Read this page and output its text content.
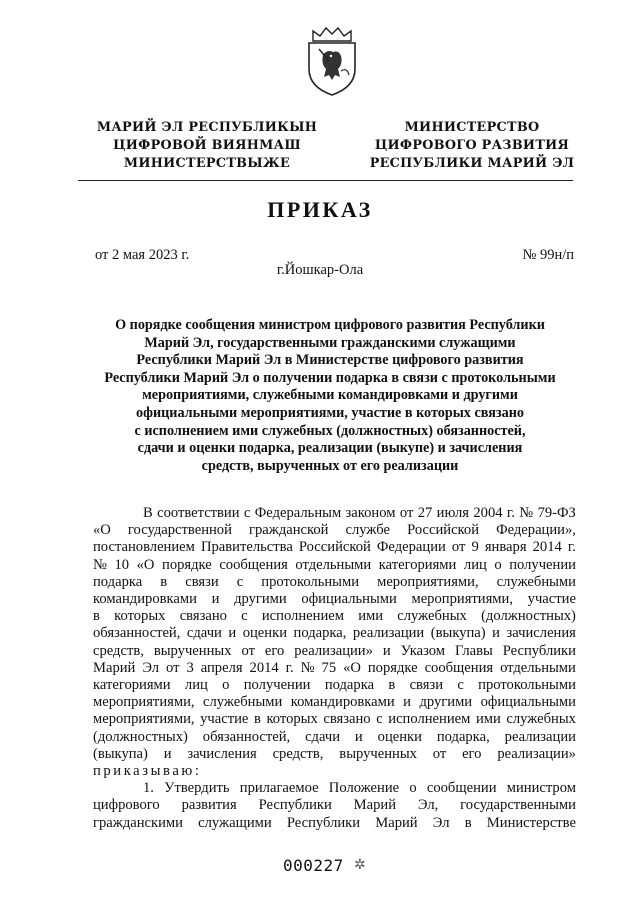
МАРИЙ ЭЛ РЕСПУБЛИКЫН
ЦИФРОВОЙ ВИЯНМАШ
МИНИСТЕРСТВЫЖЕ
МИНИСТЕРСТВО
ЦИФРОВОГО РАЗВИТИЯ
РЕСПУБЛИКИ МАРИЙ ЭЛ
ПРИКАЗ
от 2 мая 2023 г.	№ 99н/п
г.Йошкар-Ола
О порядке сообщения министром цифрового развития Республики
Марий Эл, государственными гражданскими служащими
Республики Марий Эл в Министерстве цифрового развития
Республики Марий Эл о получении подарка в связи с протокольными
мероприятиями, служебными командировками и другими
официальными мероприятиями, участие в которых связано
с исполнением ими служебных (должностных) обязанностей,
сдачи и оценки подарка, реализации (выкупе) и зачисления
средств, вырученных от его реализации
В соответствии с Федеральным законом от 27 июля 2004 г. № 79-ФЗ
«О государственной гражданской службе Российской Федерации»,
постановлением Правительства Российской Федерации от 9 января 2014 г.
№ 10 «О порядке сообщения отдельными категориями лиц о получении
подарка в связи с протокольными мероприятиями, служебными
командировками и другими официальными мероприятиями, участие
в которых связано с исполнением ими служебных (должностных)
обязанностей, сдачи и оценки подарка, реализации (выкупа) и зачисления
средств, вырученных от его реализации» и Указом Главы Республики
Марий Эл от 3 апреля 2014 г. № 75 «О порядке сообщения отдельными
категориями лиц о получении подарка в связи с протокольными
мероприятиями, служебными командировками и другими официальными
мероприятиями, участие в которых связано с исполнением ими служебных
(должностных) обязанностей, сдачи и оценки подарка, реализации
(выкупа) и зачисления средств, вырученных от его реализации»
приказываю:
1. Утвердить прилагаемое Положение о сообщении министром
цифрового развития Республики Марий Эл, государственными
гражданскими служащими Республики Марий Эл в Министерстве
000227 ✲
